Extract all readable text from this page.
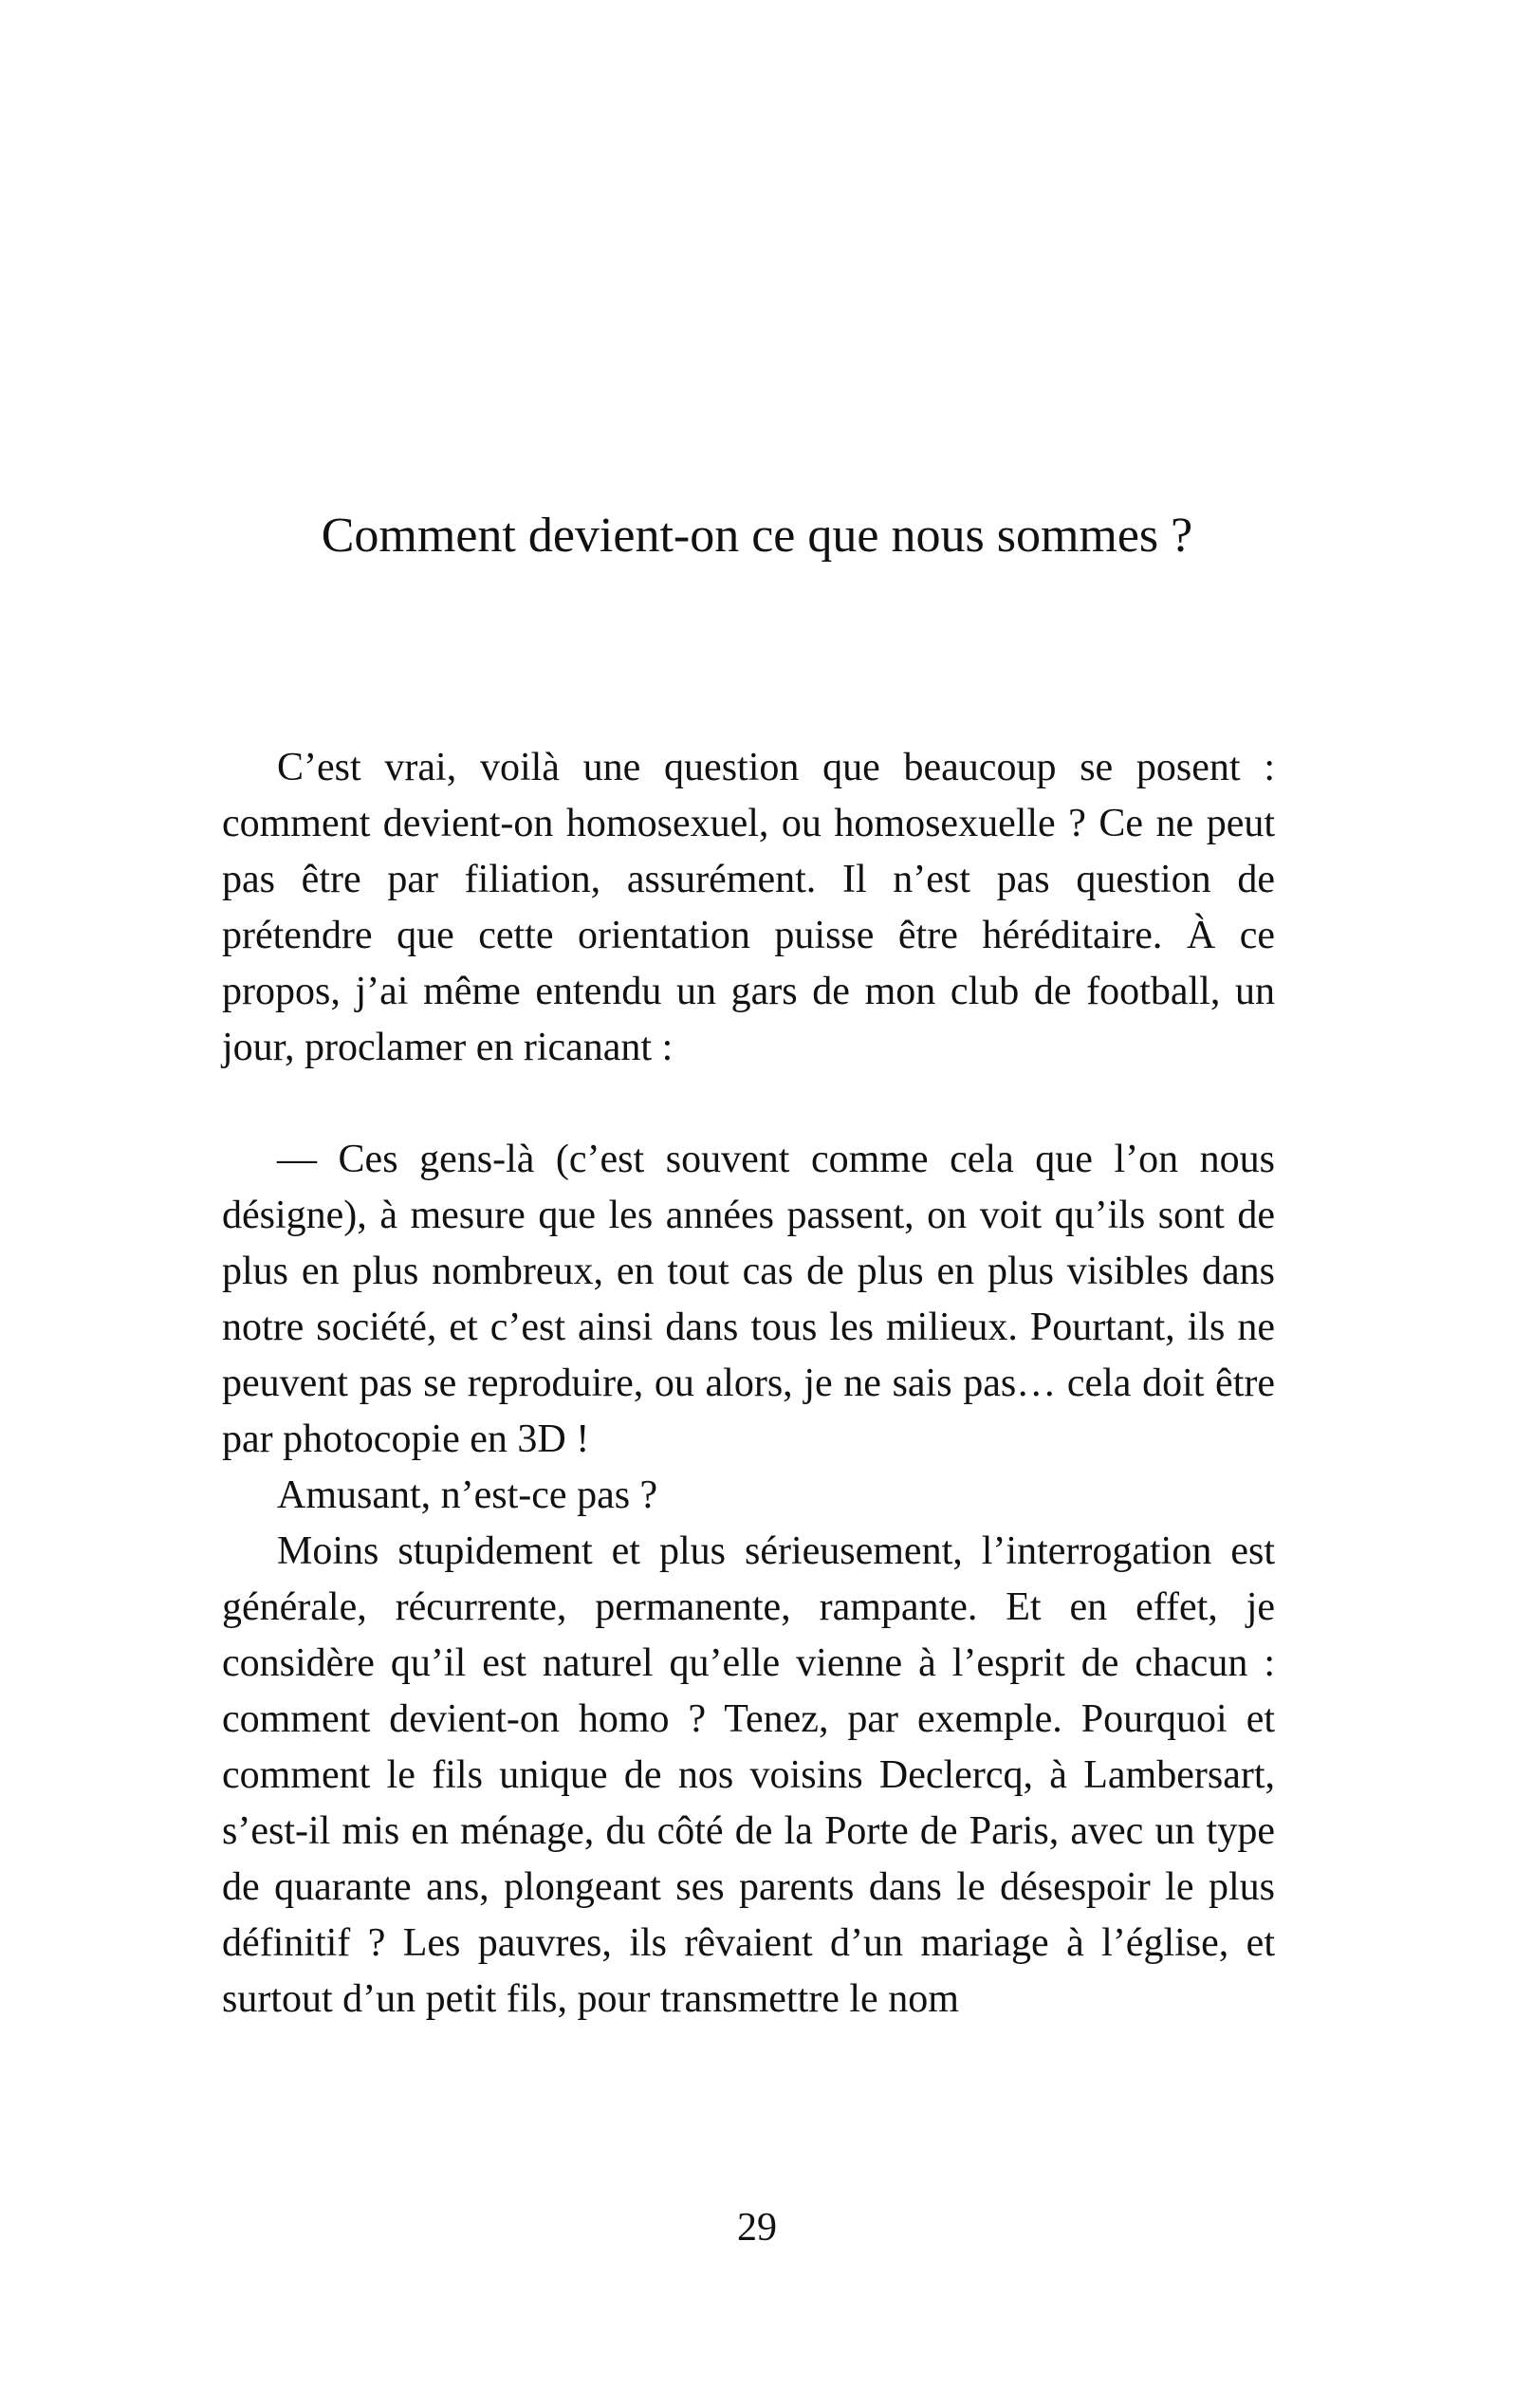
Comment devient-on ce que nous sommes ?

C’est vrai, voilà une question que beaucoup se posent : comment devient-on homosexuel, ou homosexuelle ? Ce ne peut pas être par filiation, assurément. Il n’est pas question de prétendre que cette orientation puisse être héréditaire. À ce propos, j’ai même entendu un gars de mon club de football, un jour, proclamer en ricanant :

— Ces gens-là (c’est souvent comme cela que l’on nous désigne), à mesure que les années passent, on voit qu’ils sont de plus en plus nombreux, en tout cas de plus en plus visibles dans notre société, et c’est ainsi dans tous les milieux. Pourtant, ils ne peuvent pas se reproduire, ou alors, je ne sais pas… cela doit être par photocopie en 3D !

Amusant, n’est-ce pas ?

Moins stupidement et plus sérieusement, l’interrogation est générale, récurrente, permanente, rampante. Et en effet, je considère qu’il est naturel qu’elle vienne à l’esprit de chacun : comment devient-on homo ? Tenez, par exemple. Pourquoi et comment le fils unique de nos voisins Declercq, à Lambersart, s’est-il mis en ménage, du côté de la Porte de Paris, avec un type de quarante ans, plongeant ses parents dans le désespoir le plus définitif ? Les pauvres, ils rêvaient d’un mariage à l’église, et surtout d’un petit fils, pour transmettre le nom

29
